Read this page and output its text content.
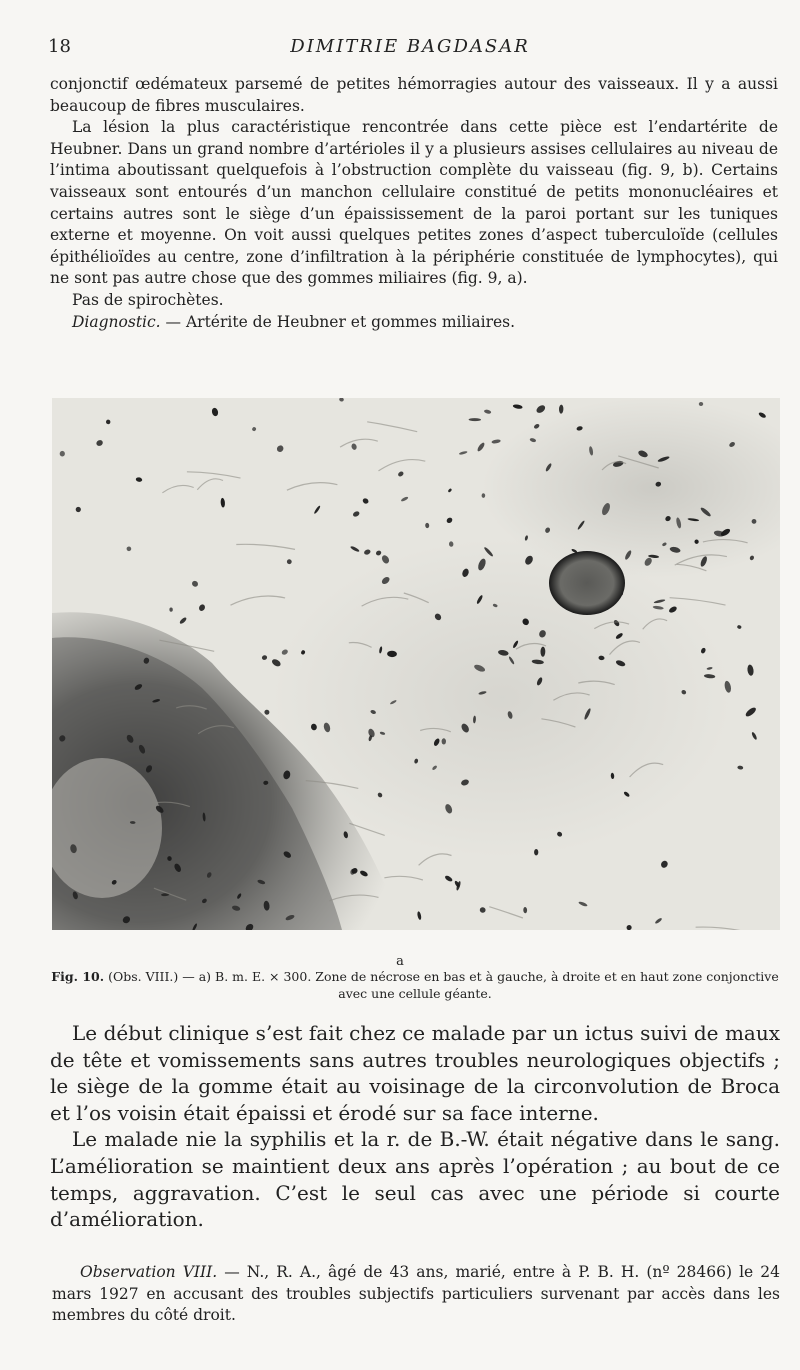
18	DIMITRIE BAGDASAR

conjonctif œdémateux parsemé de petites hémorragies autour des vaisseaux. Il y a aussi beaucoup de fibres musculaires.

La lésion la plus caractéristique rencontrée dans cette pièce est l’endartérite de Heubner. Dans un grand nombre d’artérioles il y a plusieurs assises cellulaires au niveau de l’intima aboutissant quelquefois à l’obstruction complète du vaisseau (fig. 9, b). Certains vaisseaux sont entourés d’un manchon cellulaire constitué de petits mononucléaires et certains autres sont le siège d’un épaississement de la paroi portant sur les tuniques externe et moyenne. On voit aussi quelques petites zones d’aspect tuberculoïde (cellules épithélioïdes au centre, zone d’infiltration à la périphérie constituée de lymphocytes), qui ne sont pas autre chose que des gommes miliaires (fig. 9, a).

Pas de spirochètes.

Diagnostic. — Artérite de Heubner et gommes miliaires.

a
Fig. 10. (Obs. VIII.) — a) B. m. E. × 300. Zone de nécrose en bas et à gauche, à droite et en haut zone conjonctive avec une cellule géante.

Le début clinique s’est fait chez ce malade par un ictus suivi de maux de tête et vomissements sans autres troubles neurologiques objectifs ; le siège de la gomme était au voisinage de la circonvolution de Broca et l’os voisin était épaissi et érodé sur sa face interne.

Le malade nie la syphilis et la r. de B.-W. était négative dans le sang. L’amélioration se maintient deux ans après l’opération ; au bout de ce temps, aggravation. C’est le seul cas avec une période si courte d’amélioration.

Observation VIII. — N., R. A., âgé de 43 ans, marié, entre à P. B. H. (nº 28466) le 24 mars 1927 en accusant des troubles subjectifs particuliers survenant par accès dans les membres du côté droit.
